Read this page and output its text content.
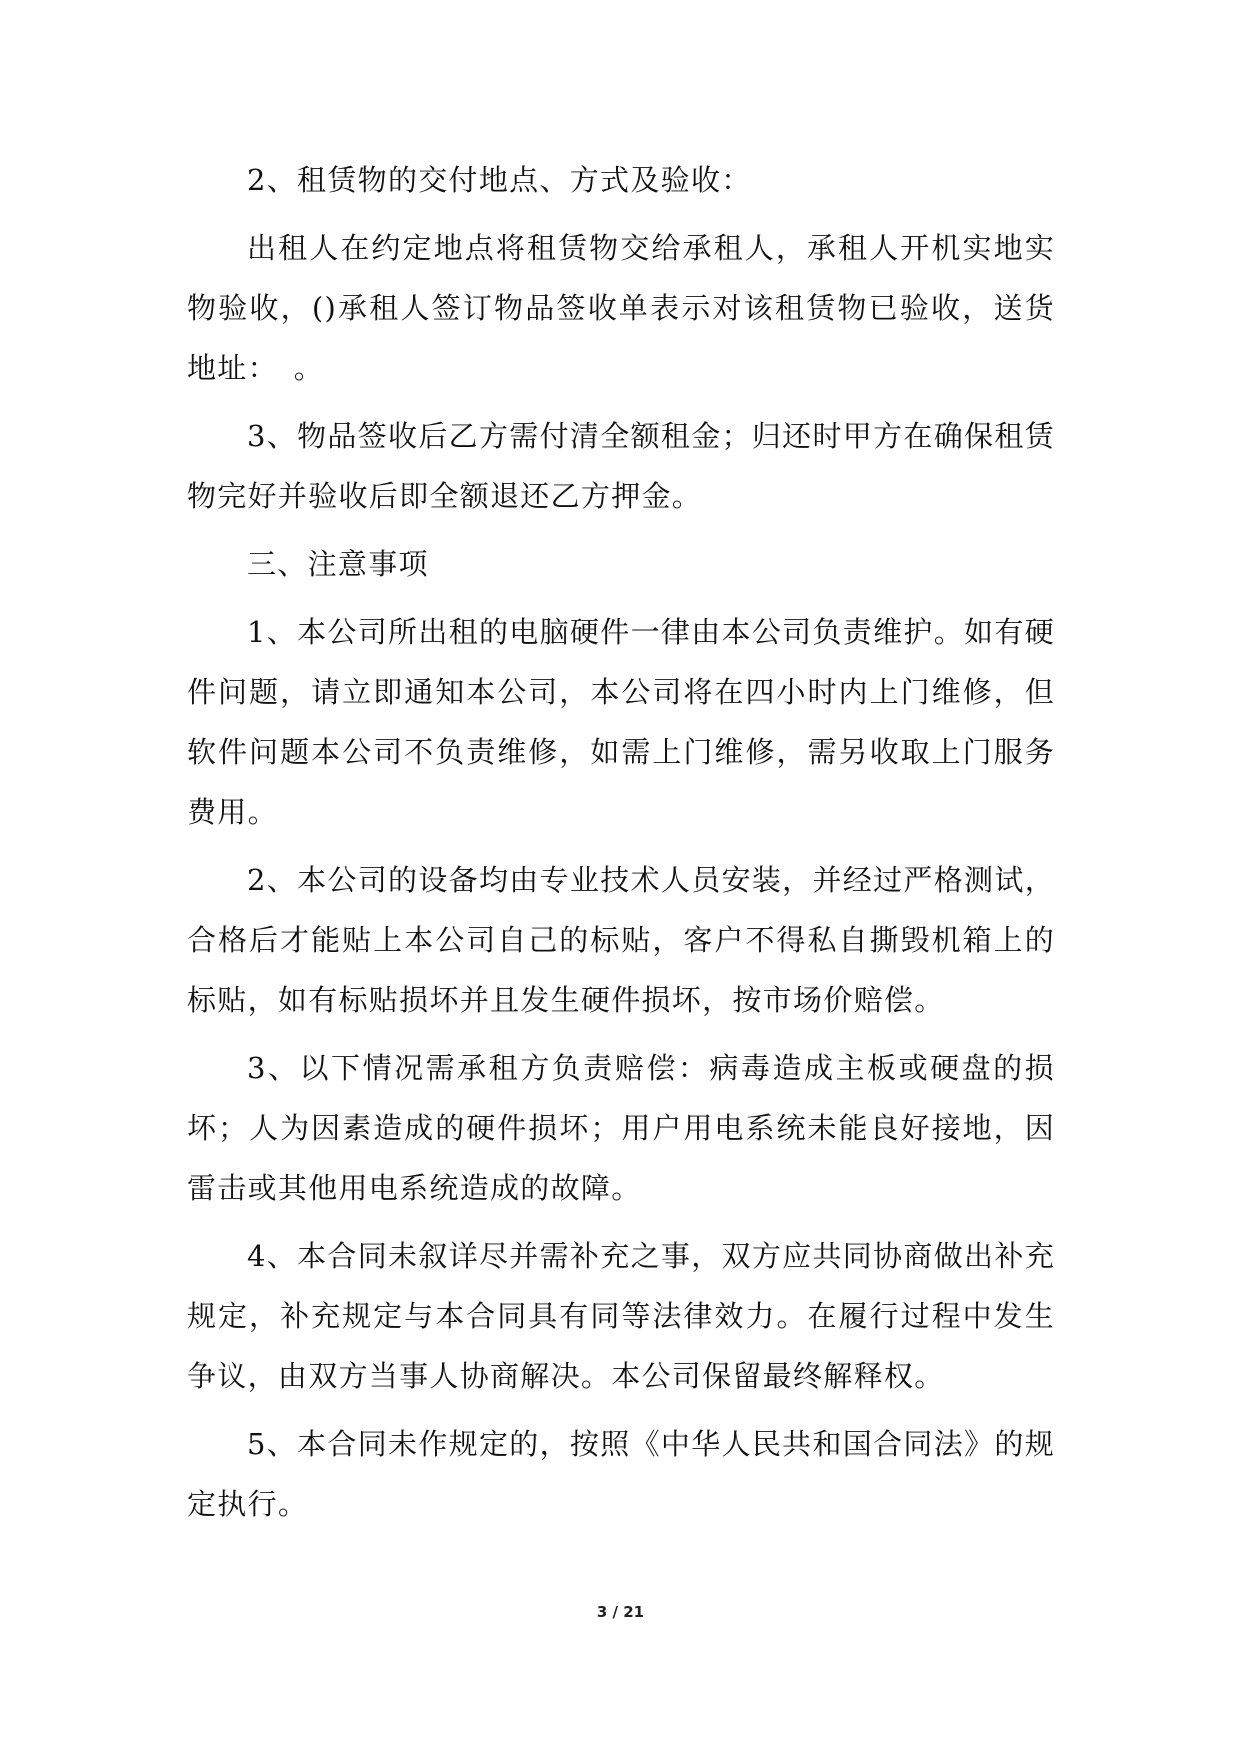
2、租赁物的交付地点、方式及验收：

出租人在约定地点将租赁物交给承租人，承租人开机实地实物验收，()承租人签订物品签收单表示对该租赁物已验收，送货地址：　。

3、物品签收后乙方需付清全额租金；归还时甲方在确保租赁物完好并验收后即全额退还乙方押金。

三、注意事项

1、本公司所出租的电脑硬件一律由本公司负责维护。如有硬件问题，请立即通知本公司，本公司将在四小时内上门维修，但软件问题本公司不负责维修，如需上门维修，需另收取上门服务费用。

2、本公司的设备均由专业技术人员安装，并经过严格测试，合格后才能贴上本公司自己的标贴，客户不得私自撕毁机箱上的标贴，如有标贴损坏并且发生硬件损坏，按市场价赔偿。

3、以下情况需承租方负责赔偿：病毒造成主板或硬盘的损坏；人为因素造成的硬件损坏；用户用电系统未能良好接地，因雷击或其他用电系统造成的故障。

4、本合同未叙详尽并需补充之事，双方应共同协商做出补充规定，补充规定与本合同具有同等法律效力。在履行过程中发生争议，由双方当事人协商解决。本公司保留最终解释权。

5、本合同未作规定的，按照《中华人民共和国合同法》的规定执行。

3 / 21
